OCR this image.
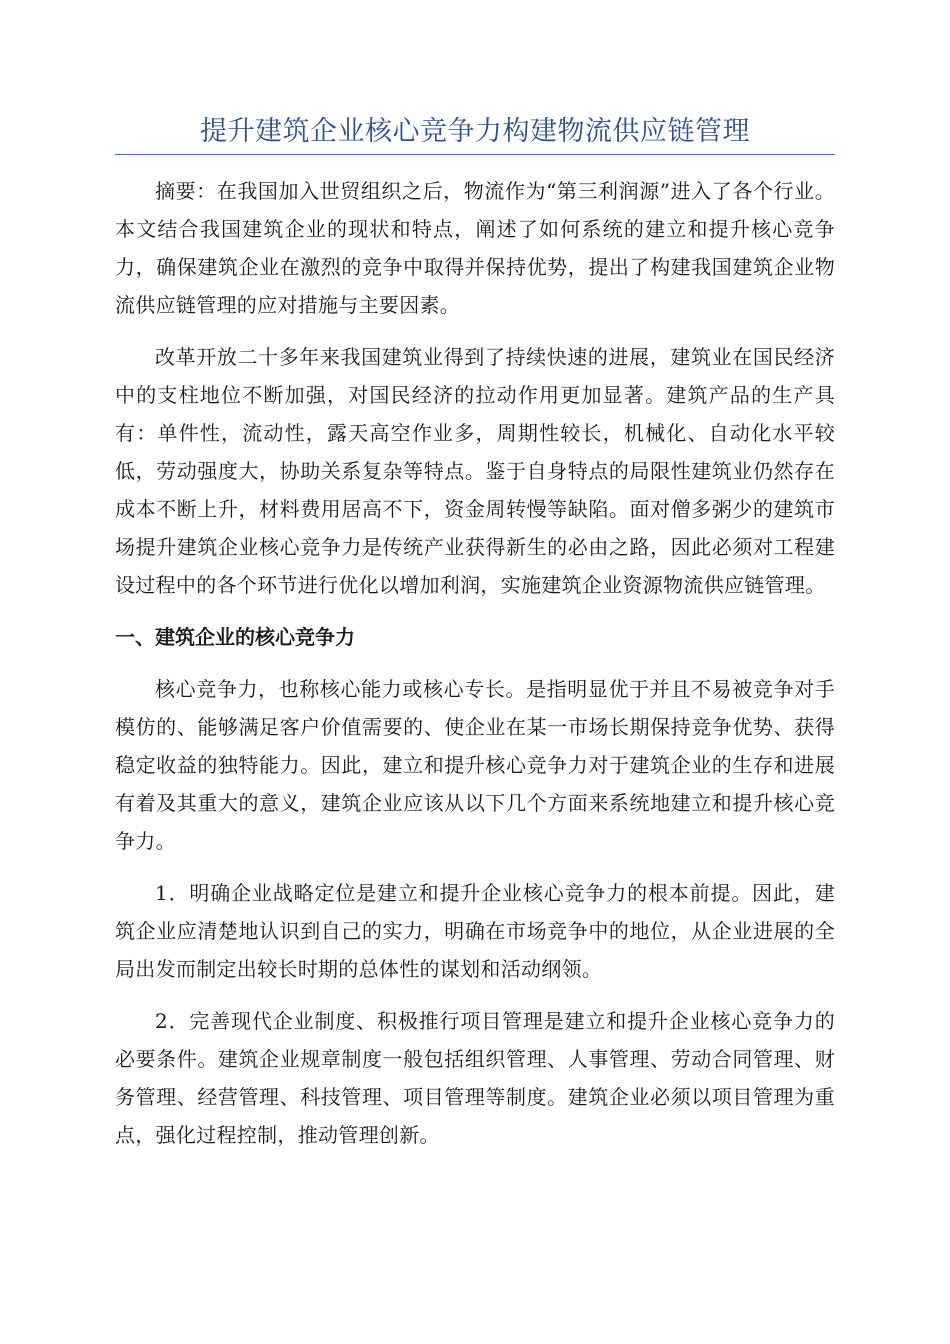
提升建筑企业核心竞争力构建物流供应链管理

摘要：在我国加入世贸组织之后，物流作为“第三利润源”进入了各个行业。本文结合我国建筑企业的现状和特点，阐述了如何系统的建立和提升核心竞争力，确保建筑企业在激烈的竞争中取得并保持优势，提出了构建我国建筑企业物流供应链管理的应对措施与主要因素。

改革开放二十多年来我国建筑业得到了持续快速的进展，建筑业在国民经济中的支柱地位不断加强，对国民经济的拉动作用更加显著。建筑产品的生产具有：单件性，流动性，露天高空作业多，周期性较长，机械化、自动化水平较低，劳动强度大，协助关系复杂等特点。鉴于自身特点的局限性建筑业仍然存在成本不断上升，材料费用居高不下，资金周转慢等缺陷。面对僧多粥少的建筑市场提升建筑企业核心竞争力是传统产业获得新生的必由之路，因此必须对工程建设过程中的各个环节进行优化以增加利润，实施建筑企业资源物流供应链管理。

一、建筑企业的核心竞争力

核心竞争力，也称核心能力或核心专长。是指明显优于并且不易被竞争对手模仿的、能够满足客户价值需要的、使企业在某一市场长期保持竞争优势、获得稳定收益的独特能力。因此，建立和提升核心竞争力对于建筑企业的生存和进展有着及其重大的意义，建筑企业应该从以下几个方面来系统地建立和提升核心竞争力。

1．明确企业战略定位是建立和提升企业核心竞争力的根本前提。因此，建筑企业应清楚地认识到自己的实力，明确在市场竞争中的地位，从企业进展的全局出发而制定出较长时期的总体性的谋划和活动纲领。

2．完善现代企业制度、积极推行项目管理是建立和提升企业核心竞争力的必要条件。建筑企业规章制度一般包括组织管理、人事管理、劳动合同管理、财务管理、经营管理、科技管理、项目管理等制度。建筑企业必须以项目管理为重点，强化过程控制，推动管理创新。
